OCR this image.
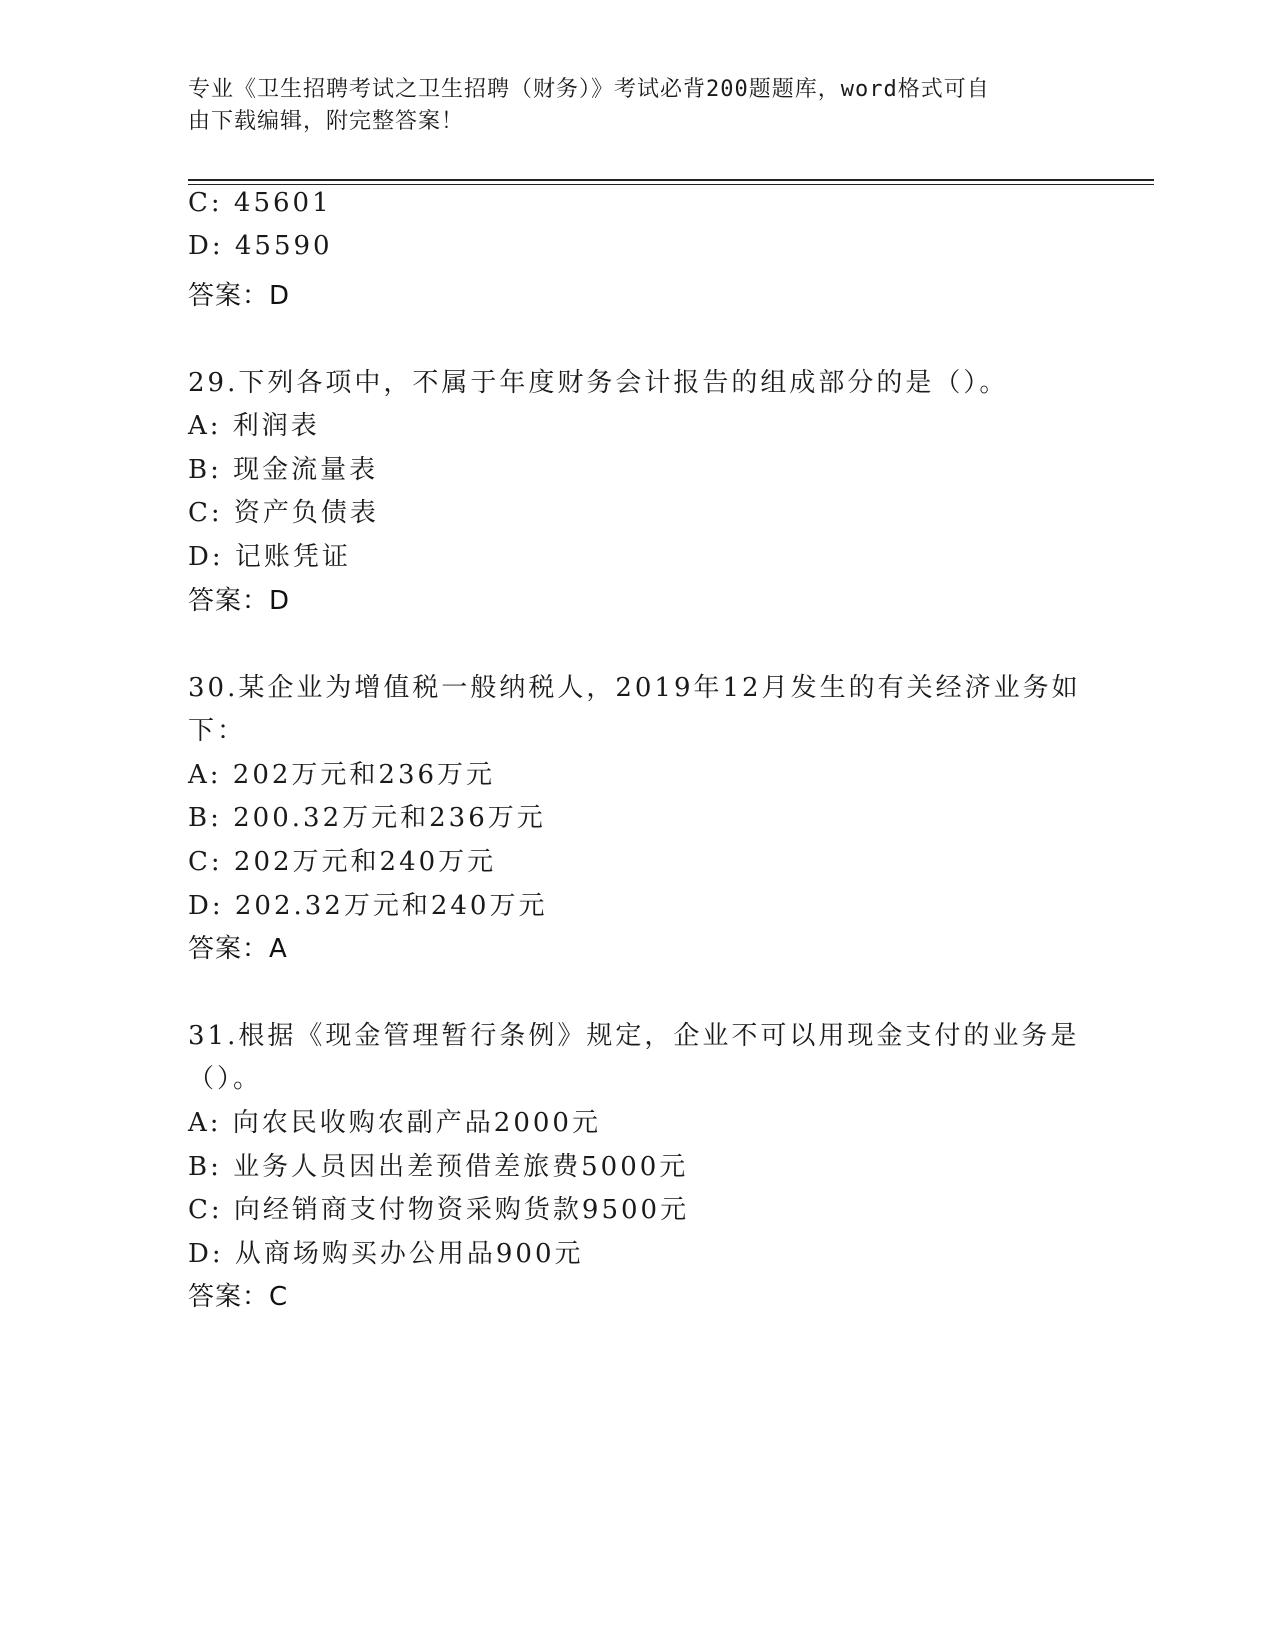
专业《卫生招聘考试之卫生招聘（财务）》考试必背200题题库，word格式可自
由下载编辑，附完整答案！
C: 45601
D: 45590
答案：D
29.下列各项中，不属于年度财务会计报告的组成部分的是（）。
A: 利润表
B: 现金流量表
C: 资产负债表
D: 记账凭证
答案：D
30.某企业为增值税一般纳税人，2019年12月发生的有关经济业务如
下：
A: 202万元和236万元
B: 200.32万元和236万元
C: 202万元和240万元
D: 202.32万元和240万元
答案：A
31.根据《现金管理暂行条例》规定，企业不可以用现金支付的业务是
（）。
A: 向农民收购农副产品2000元
B: 业务人员因出差预借差旅费5000元
C: 向经销商支付物资采购货款9500元
D: 从商场购买办公用品900元
答案：C
